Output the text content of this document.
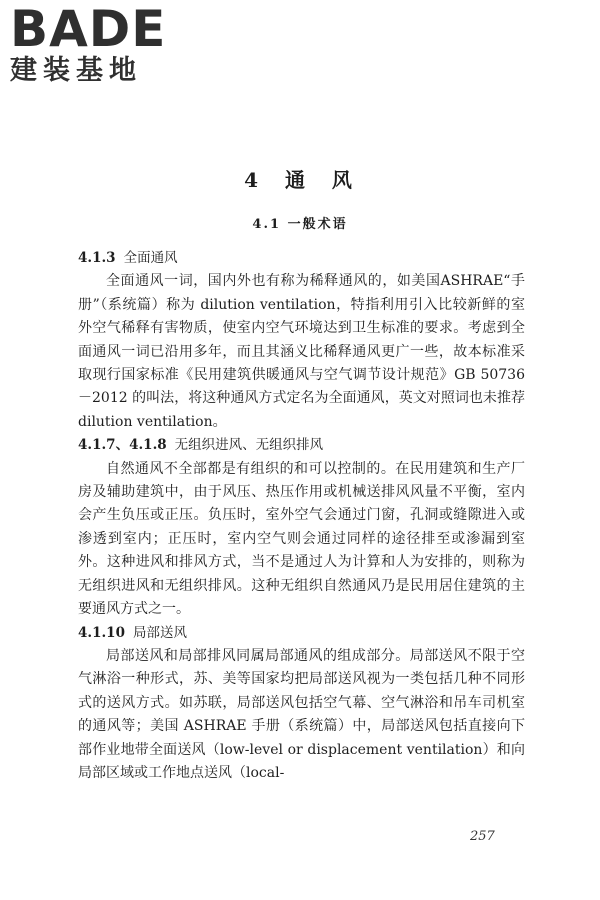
BADE
建装基地
4 通 风
4.1 一般术语

4.1.3 全面通风

全面通风一词，国内外也有称为稀释通风的，如美国ASHRAE“手册”（系统篇）称为 dilution ventilation，特指利用引入比较新鲜的室外空气稀释有害物质，使室内空气环境达到卫生标准的要求。考虑到全面通风一词已沿用多年，而且其涵义比稀释通风更广一些，故本标准采取现行国家标准《民用建筑供暖通风与空气调节设计规范》GB 50736－2012 的叫法，将这种通风方式定名为全面通风，英文对照词也未推荐 dilution ventilation。

4.1.7、4.1.8 无组织进风、无组织排风

自然通风不全部都是有组织的和可以控制的。在民用建筑和生产厂房及辅助建筑中，由于风压、热压作用或机械送排风风量不平衡，室内会产生负压或正压。负压时，室外空气会通过门窗，孔洞或缝隙进入或渗透到室内；正压时，室内空气则会通过同样的途径排至或渗漏到室外。这种进风和排风方式，当不是通过人为计算和人为安排的，则称为无组织进风和无组织排风。这种无组织自然通风乃是民用居住建筑的主要通风方式之一。

4.1.10 局部送风

局部送风和局部排风同属局部通风的组成部分。局部送风不限于空气淋浴一种形式，苏、美等国家均把局部送风视为一类包括几种不同形式的送风方式。如苏联，局部送风包括空气幕、空气淋浴和吊车司机室的通风等；美国 ASHRAE 手册（系统篇）中，局部送风包括直接向下部作业地带全面送风（low-level or displacement ventilation）和向局部区域或工作地点送风（local-

257
